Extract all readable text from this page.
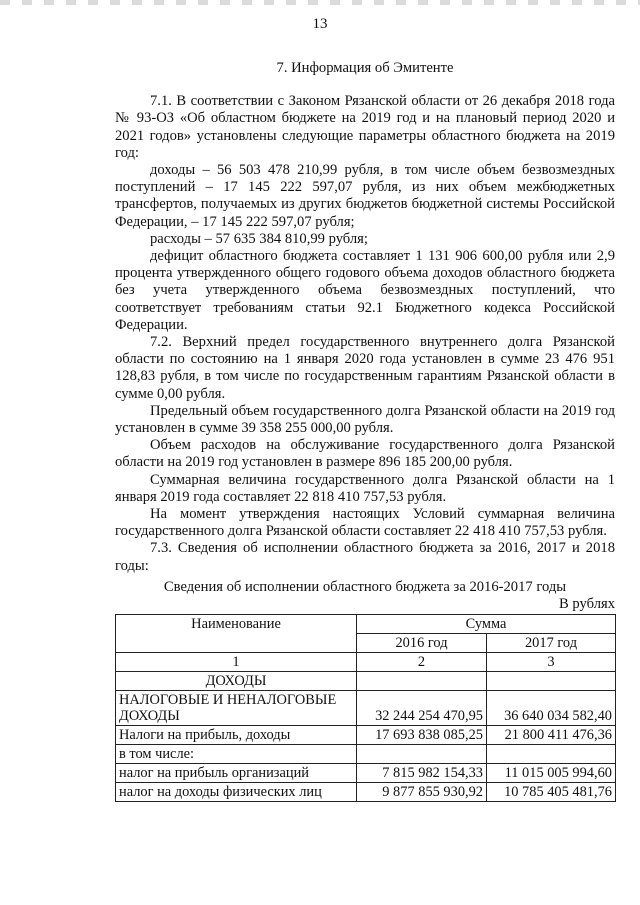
13
7. Информация об Эмитенте

7.1. В соответствии с Законом Рязанской области от 26 декабря 2018 года № 93-ОЗ «Об областном бюджете на 2019 год и на плановый период 2020 и 2021 годов» установлены следующие параметры областного бюджета на 2019 год:

доходы – 56 503 478 210,99 рубля, в том числе объем безвозмездных поступлений – 17 145 222 597,07 рубля, из них объем межбюджетных трансфертов, получаемых из других бюджетов бюджетной системы Российской Федерации, – 17 145 222 597,07 рубля;

расходы – 57 635 384 810,99 рубля;

дефицит областного бюджета составляет 1 131 906 600,00 рубля или 2,9 процента утвержденного общего годового объема доходов областного бюджета без учета утвержденного объема безвозмездных поступлений, что соответствует требованиям статьи 92.1 Бюджетного кодекса Российской Федерации.

7.2. Верхний предел государственного внутреннего долга Рязанской области по состоянию на 1 января 2020 года установлен в сумме 23 476 951 128,83 рубля, в том числе по государственным гарантиям Рязанской области в сумме 0,00 рубля.

Предельный объем государственного долга Рязанской области на 2019 год установлен в сумме 39 358 255 000,00 рубля.

Объем расходов на обслуживание государственного долга Рязанской области на 2019 год установлен в размере 896 185 200,00 рубля.

Суммарная величина государственного долга Рязанской области на 1 января 2019 года составляет 22 818 410 757,53 рубля.

На момент утверждения настоящих Условий суммарная величина государственного долга Рязанской области составляет 22 418 410 757,53 рубля.

7.3. Сведения об исполнении областного бюджета за 2016, 2017 и 2018 годы:

Сведения об исполнении областного бюджета за 2016-2017 годы
В рублях
Наименование	Сумма	
	2016 год	2017 год
1	2	3
ДОХОДЫ		
НАЛОГОВЫЕ И НЕНАЛОГОВЫЕ ДОХОДЫ	32 244 254 470,95	36 640 034 582,40
Налоги на прибыль, доходы	17 693 838 085,25	21 800 411 476,36
в том числе:		
налог на прибыль организаций	7 815 982 154,33	11 015 005 994,60
налог на доходы физических лиц	9 877 855 930,92	10 785 405 481,76
